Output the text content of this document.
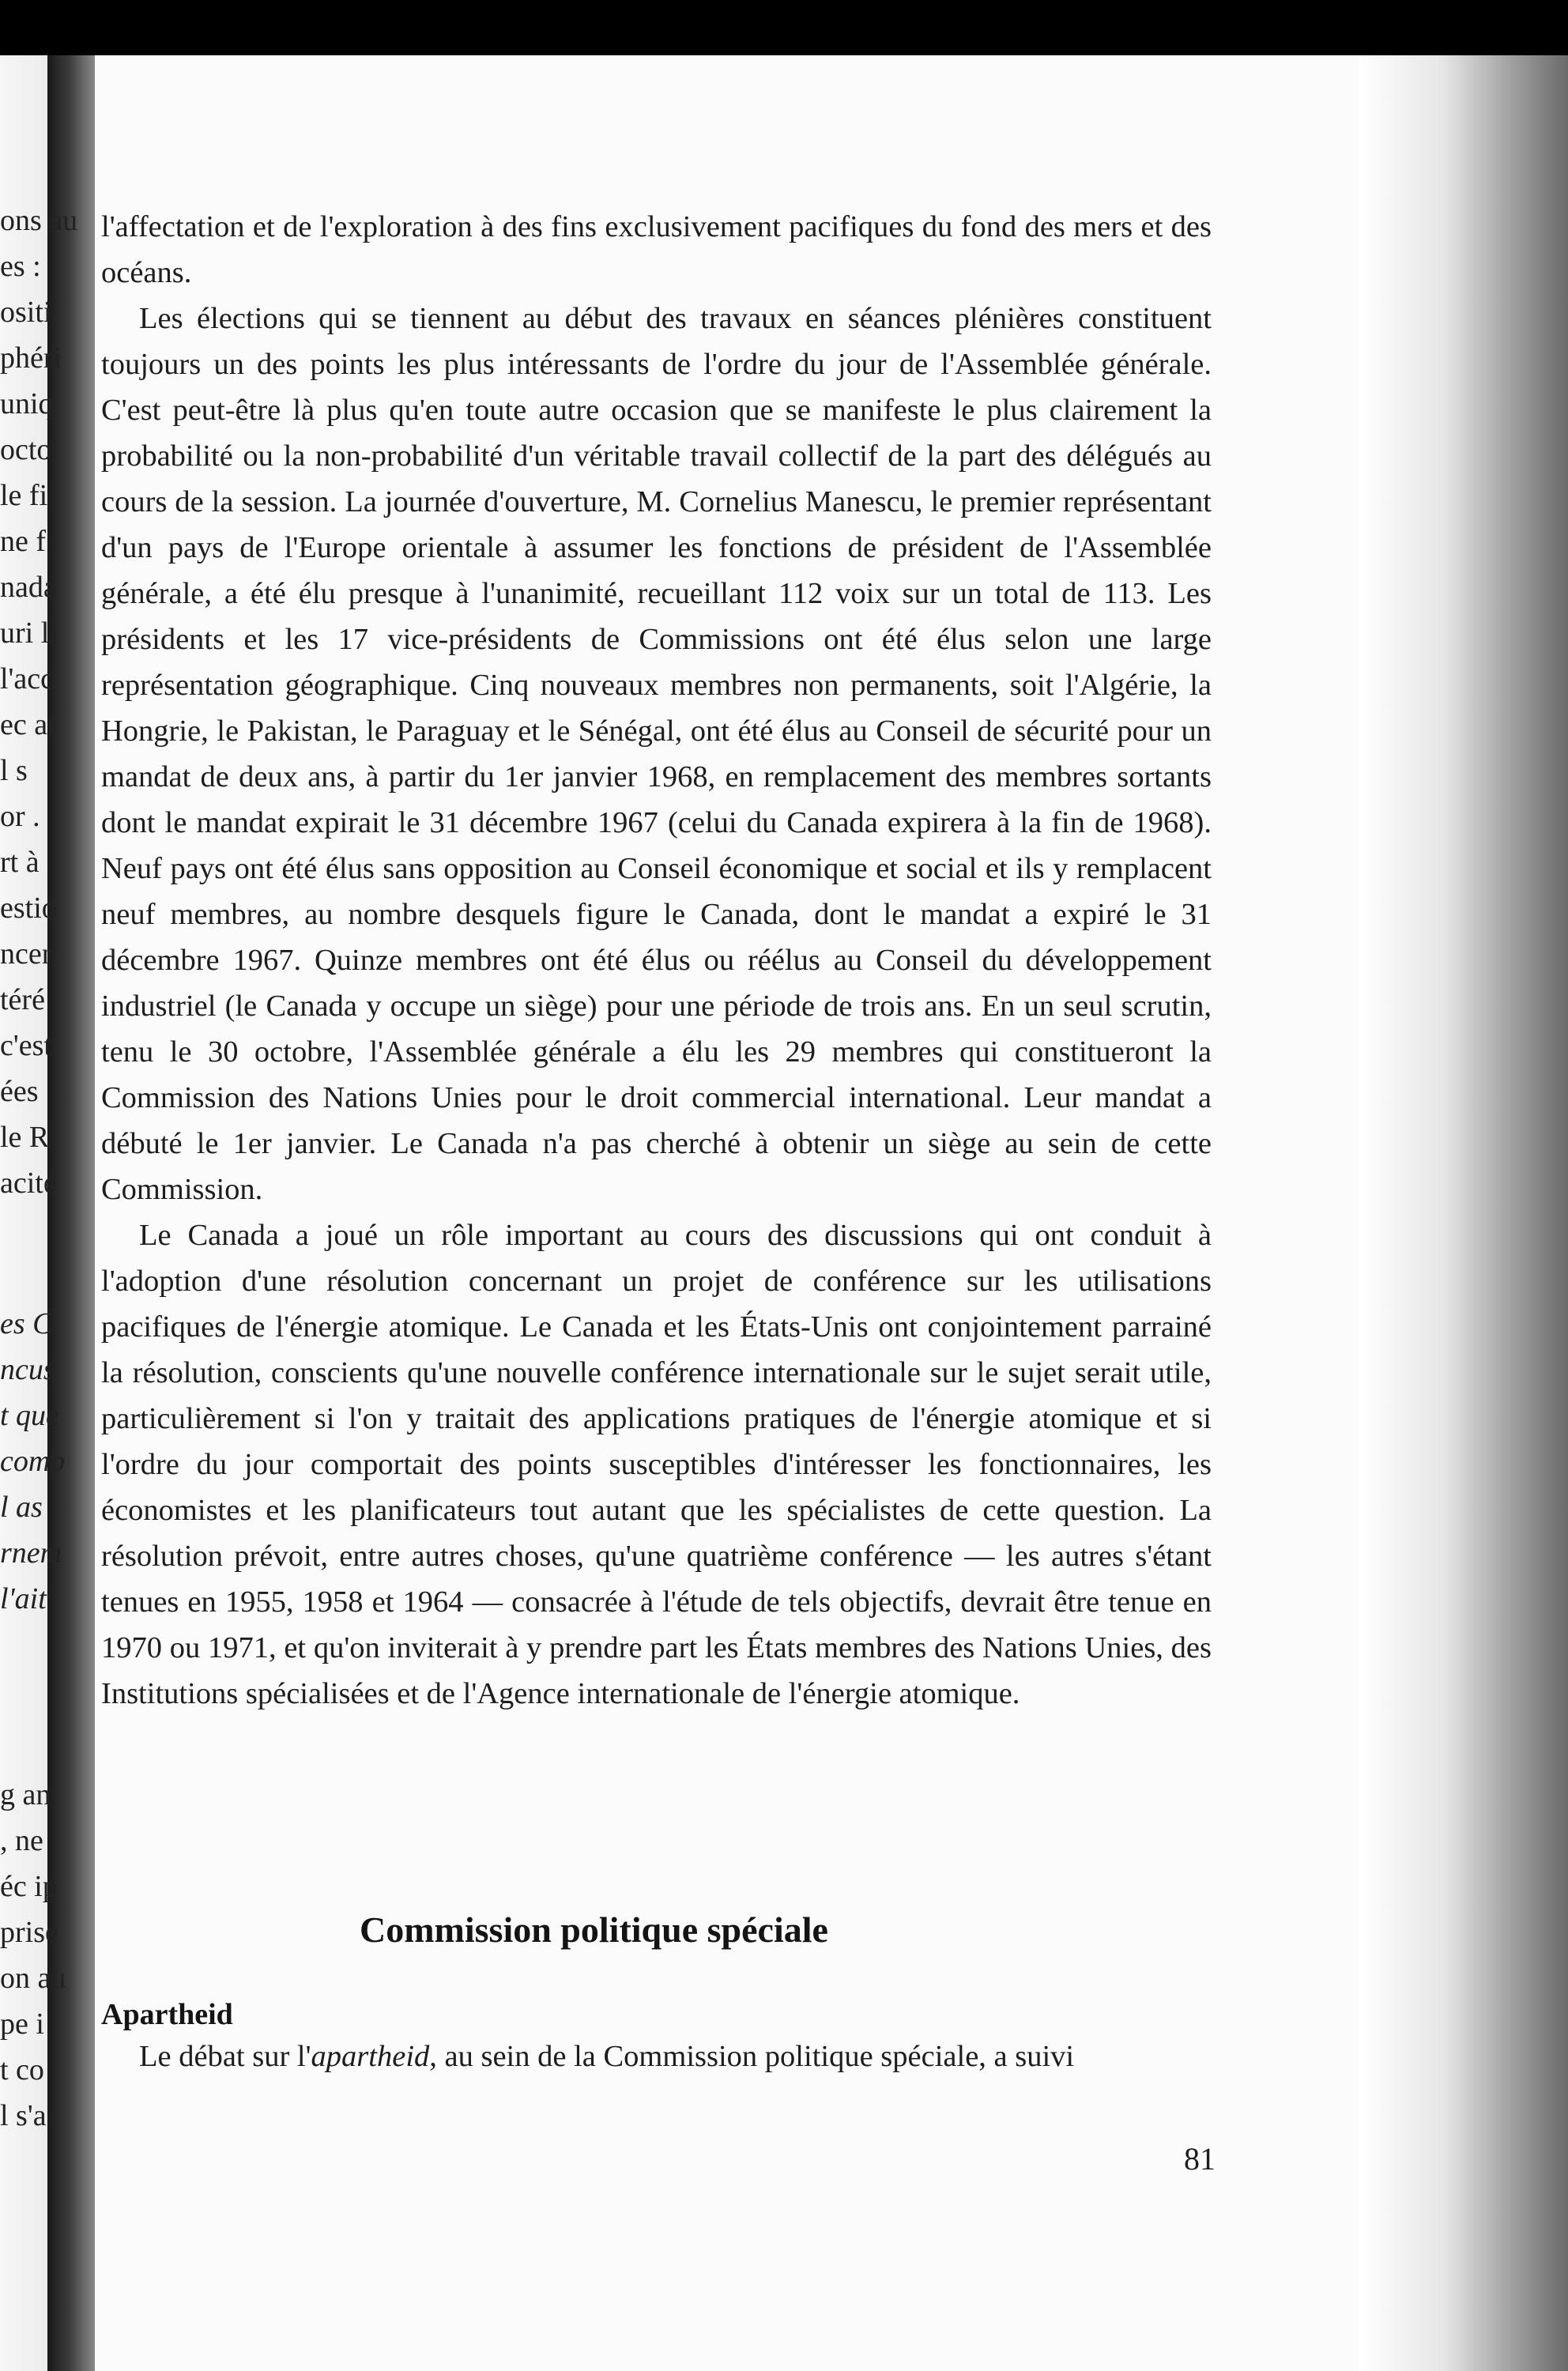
ons au
es :
ositi
phéri
uniq
octo
le fi
ne f
nada
uri li
l'acc
ec at
l s
or .
rt à
estio
ncen
téré
c'est
ées
le R
acité
es C
ncus
t que
comp
l as
rnem
l'ait
g an
, ne
éc ip
prise
on au
pe i
t co
l s'a

l'affectation et de l'exploration à des fins exclusivement pacifiques du fond des mers et des océans.

Les élections qui se tiennent au début des travaux en séances plénières constituent toujours un des points les plus intéressants de l'ordre du jour de l'Assemblée générale. C'est peut-être là plus qu'en toute autre occasion que se manifeste le plus clairement la probabilité ou la non-probabilité d'un véritable travail collectif de la part des délégués au cours de la session. La journée d'ouverture, M. Cornelius Manescu, le premier représentant d'un pays de l'Europe orientale à assumer les fonctions de président de l'Assemblée générale, a été élu presque à l'unanimité, recueillant 112 voix sur un total de 113. Les présidents et les 17 vice-présidents de Commissions ont été élus selon une large représentation géographique. Cinq nouveaux membres non permanents, soit l'Algérie, la Hongrie, le Pakistan, le Paraguay et le Sénégal, ont été élus au Conseil de sécurité pour un mandat de deux ans, à partir du 1er janvier 1968, en remplacement des membres sortants dont le mandat expirait le 31 décembre 1967 (celui du Canada expirera à la fin de 1968). Neuf pays ont été élus sans opposition au Conseil économique et social et ils y remplacent neuf membres, au nombre desquels figure le Canada, dont le mandat a expiré le 31 décembre 1967. Quinze membres ont été élus ou réélus au Conseil du développement industriel (le Canada y occupe un siège) pour une période de trois ans. En un seul scrutin, tenu le 30 octobre, l'Assemblée générale a élu les 29 membres qui constitueront la Commission des Nations Unies pour le droit commercial international. Leur mandat a débuté le 1er janvier. Le Canada n'a pas cherché à obtenir un siège au sein de cette Commission.

Le Canada a joué un rôle important au cours des discussions qui ont conduit à l'adoption d'une résolution concernant un projet de conférence sur les utilisations pacifiques de l'énergie atomique. Le Canada et les États-Unis ont conjointement parrainé la résolution, conscients qu'une nouvelle conférence internationale sur le sujet serait utile, particulièrement si l'on y traitait des applications pratiques de l'énergie atomique et si l'ordre du jour comportait des points susceptibles d'intéresser les fonctionnaires, les économistes et les planificateurs tout autant que les spécialistes de cette question. La résolution prévoit, entre autres choses, qu'une quatrième conférence — les autres s'étant tenues en 1955, 1958 et 1964 — consacrée à l'étude de tels objectifs, devrait être tenue en 1970 ou 1971, et qu'on inviterait à y prendre part les États membres des Nations Unies, des Institutions spécialisées et de l'Agence internationale de l'énergie atomique.

Commission politique spéciale
Apartheid
Le débat sur l'apartheid, au sein de la Commission politique spéciale, a suivi
81
